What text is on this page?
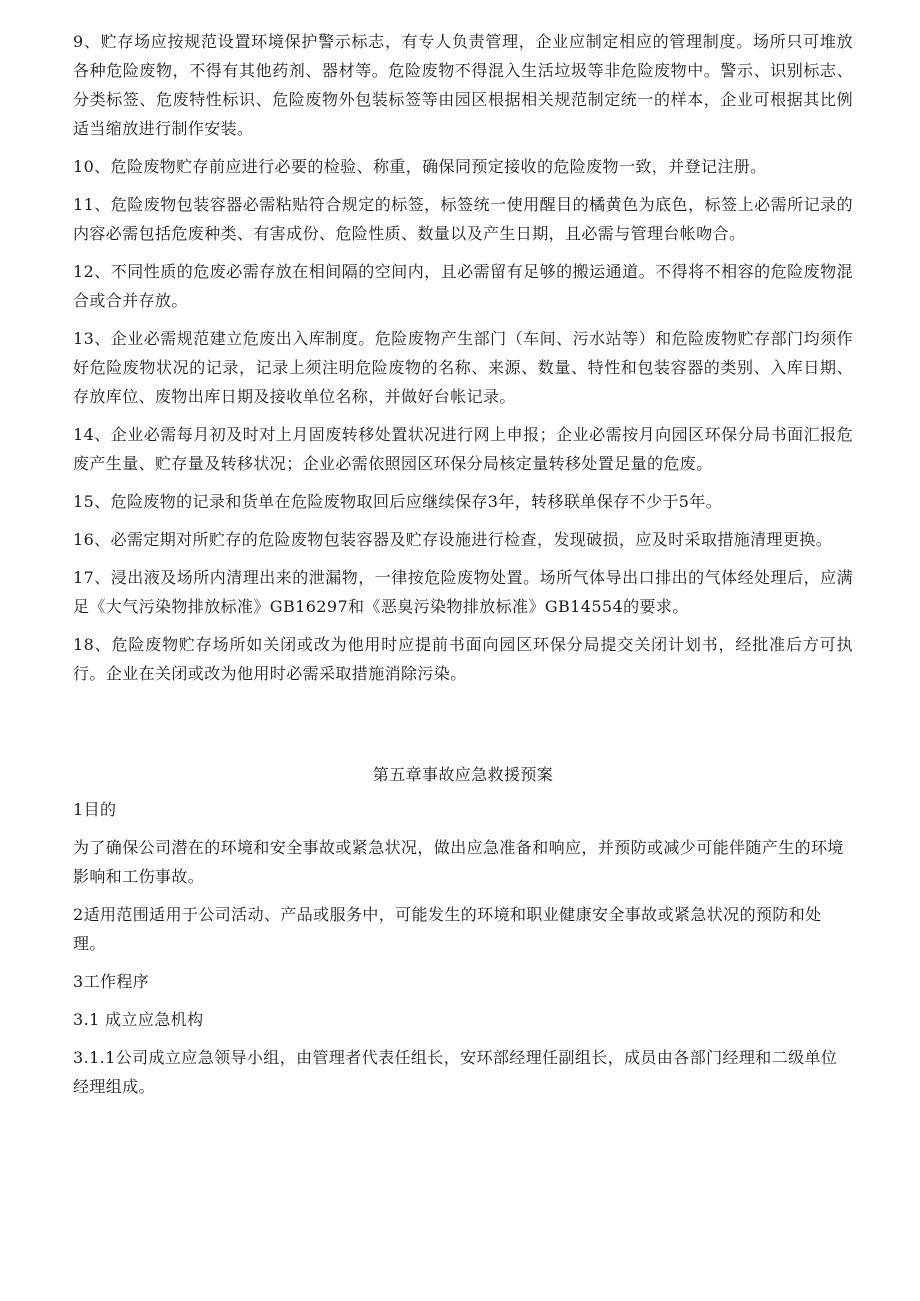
9、贮存场应按规范设置环境保护警示标志，有专人负责管理，企业应制定相应的管理制度。场所只可堆放各种危险废物，不得有其他药剂、器材等。危险废物不得混入生活垃圾等非危险废物中。警示、识别标志、分类标签、危废特性标识、危险废物外包装标签等由园区根据相关规范制定统一的样本，企业可根据其比例适当缩放进行制作安装。

10、危险废物贮存前应进行必要的检验、称重，确保同预定接收的危险废物一致，并登记注册。

11、危险废物包装容器必需粘贴符合规定的标签，标签统一使用醒目的橘黄色为底色，标签上必需所记录的内容必需包括危废种类、有害成份、危险性质、数量以及产生日期，且必需与管理台帐吻合。

12、不同性质的危废必需存放在相间隔的空间内，且必需留有足够的搬运通道。不得将不相容的危险废物混合或合并存放。

13、企业必需规范建立危废出入库制度。危险废物产生部门（车间、污水站等）和危险废物贮存部门均须作好危险废物状况的记录，记录上须注明危险废物的名称、来源、数量、特性和包装容器的类别、入库日期、存放库位、废物出库日期及接收单位名称，并做好台帐记录。

14、企业必需每月初及时对上月固废转移处置状况进行网上申报；企业必需按月向园区环保分局书面汇报危废产生量、贮存量及转移状况；企业必需依照园区环保分局核定量转移处置足量的危废。

15、危险废物的记录和货单在危险废物取回后应继续保存3年，转移联单保存不少于5年。

16、必需定期对所贮存的危险废物包装容器及贮存设施进行检查，发现破损，应及时采取措施清理更换。

17、浸出液及场所内清理出来的泄漏物，一律按危险废物处置。场所气体导出口排出的气体经处理后，应满足《大气污染物排放标准》GB16297和《恶臭污染物排放标准》GB14554的要求。

18、危险废物贮存场所如关闭或改为他用时应提前书面向园区环保分局提交关闭计划书，经批准后方可执行。企业在关闭或改为他用时必需采取措施消除污染。

第五章事故应急救援预案

1目的

为了确保公司潜在的环境和安全事故或紧急状况，做出应急准备和响应，并预防或减少可能伴随产生的环境影响和工伤事故。

2适用范围适用于公司活动、产品或服务中，可能发生的环境和职业健康安全事故或紧急状况的预防和处理。

3工作程序

3.1 成立应急机构

3.1.1公司成立应急领导小组，由管理者代表任组长，安环部经理任副组长，成员由各部门经理和二级单位经理组成。
